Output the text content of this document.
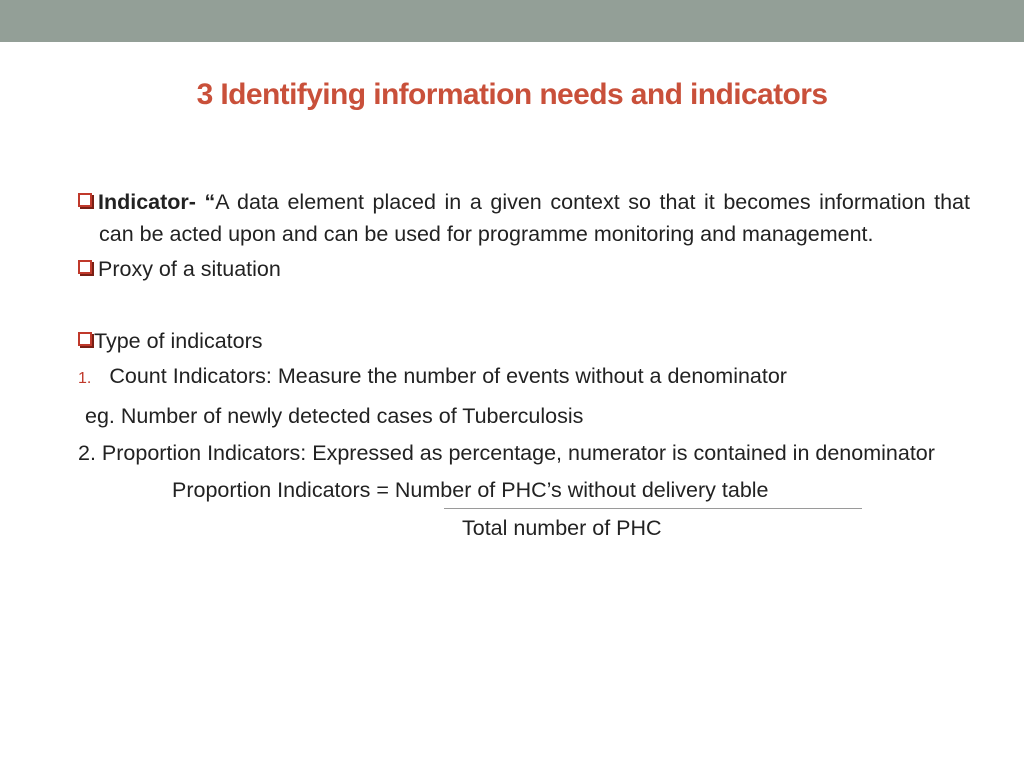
3 Identifying information needs and indicators
Indicator- “A data element placed in a given context so that it becomes information that can be acted upon and can be used for programme monitoring and management.
Proxy of a situation
Type of indicators
1. Count Indicators: Measure the number of events without a denominator
eg. Number of newly detected cases of Tuberculosis
2. Proportion Indicators: Expressed as percentage, numerator is contained in denominator
Proportion Indicators = Number of PHC’s without delivery table
Total number of PHC
